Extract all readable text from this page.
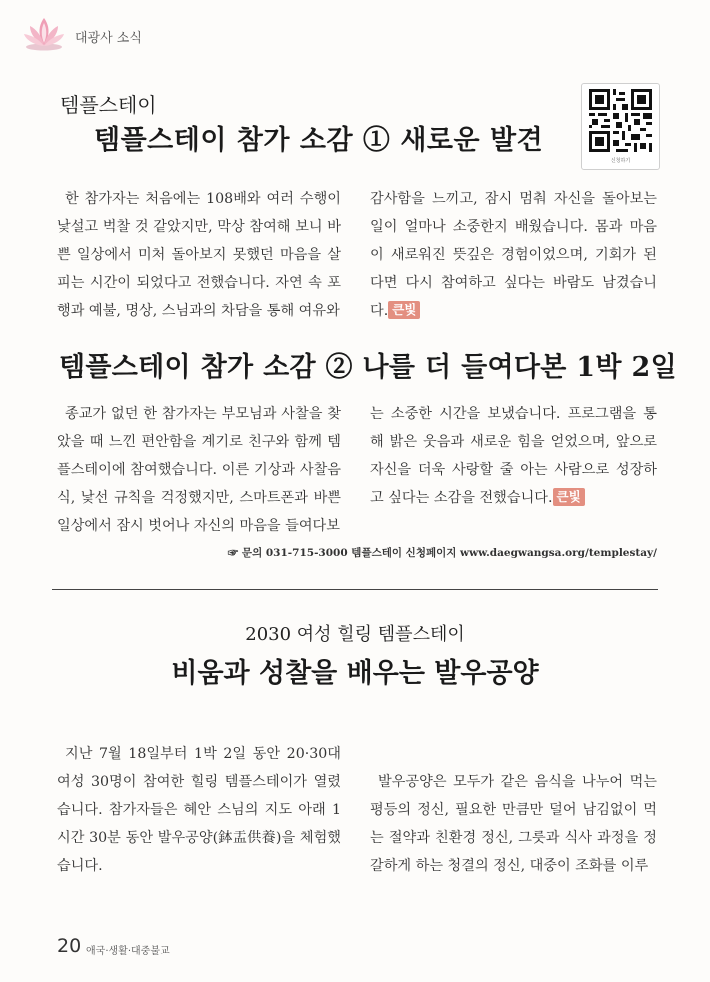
대광사 소식
템플스테이
템플스테이 참가 소감 ① 새로운 발견
신청하기

한 참가자는 처음에는 108배와 여러 수행이 낯설고 벅찰 것 같았지만, 막상 참여해 보니 바쁜 일상에서 미처 돌아보지 못했던 마음을 살피는 시간이 되었다고 전했습니다. 자연 속 포행과 예불, 명상, 스님과의 차담을 통해 여유와

감사함을 느끼고, 잠시 멈춰 자신을 돌아보는 일이 얼마나 소중한지 배웠습니다. 몸과 마음이 새로워진 뜻깊은 경험이었으며, 기회가 된다면 다시 참여하고 싶다는 바람도 남겼습니다. 큰빛

템플스테이 참가 소감 ② 나를 더 들여다본 1박 2일

종교가 없던 한 참가자는 부모님과 사찰을 찾았을 때 느낀 편안함을 계기로 친구와 함께 템플스테이에 참여했습니다. 이른 기상과 사찰음식, 낯선 규칙을 걱정했지만, 스마트폰과 바쁜 일상에서 잠시 벗어나 자신의 마음을 들여다보

는 소중한 시간을 보냈습니다. 프로그램을 통해 밝은 웃음과 새로운 힘을 얻었으며, 앞으로 자신을 더욱 사랑할 줄 아는 사람으로 성장하고 싶다는 소감을 전했습니다. 큰빛

☞ 문의 031-715-3000 템플스테이 신청페이지 www.daegwangsa.org/templestay/
2030 여성 힐링 템플스테이
비움과 성찰을 배우는 발우공양

지난 7월 18일부터 1박 2일 동안 20·30대 여성 30명이 참여한 힐링 템플스테이가 열렸습니다. 참가자들은 혜안 스님의 지도 아래 1시간 30분 동안 발우공양(鉢盂供養)을 체험했습니다.

발우공양은 모두가 같은 음식을 나누어 먹는 평등의 정신, 필요한 만큼만 덜어 남김없이 먹는 절약과 친환경 정신, 그릇과 식사 과정을 정갈하게 하는 청결의 정신, 대중이 조화를 이루

20 애국·생활·대중불교
